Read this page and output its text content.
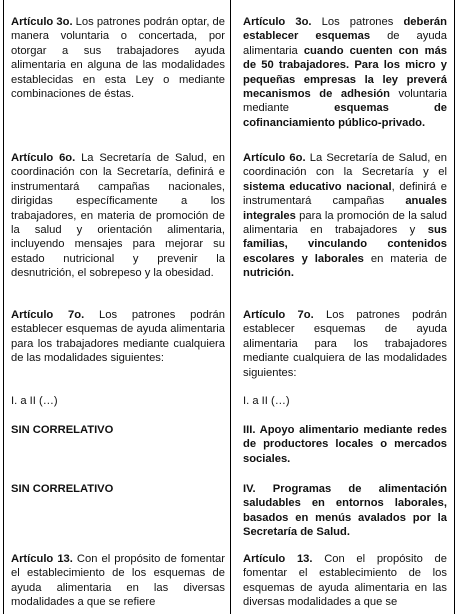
Artículo 3o. Los patrones podrán optar, de manera voluntaria o concertada, por otorgar a sus trabajadores ayuda alimentaria en alguna de las modalidades establecidas en esta Ley o mediante combinaciones de éstas.
Artículo 6o. La Secretaría de Salud, en coordinación con la Secretaría, definirá e instrumentará campañas nacionales, dirigidas específicamente a los trabajadores, en materia de promoción de la salud y orientación alimentaria, incluyendo mensajes para mejorar su estado nutricional y prevenir la desnutrición, el sobrepeso y la obesidad.
Artículo 7o. Los patrones podrán establecer esquemas de ayuda alimentaria para los trabajadores mediante cualquiera de las modalidades siguientes:
I. a II (…)
SIN CORRELATIVO
SIN CORRELATIVO
Artículo 13. Con el propósito de fomentar el establecimiento de los esquemas de ayuda alimentaria en las diversas modalidades a que se refiere
Artículo 3o. Los patrones deberán establecer esquemas de ayuda alimentaria cuando cuenten con más de 50 trabajadores. Para los micro y pequeñas empresas la ley preverá mecanismos de adhesión voluntaria mediante esquemas de cofinanciamiento público-privado.
Artículo 6o. La Secretaría de Salud, en coordinación con la Secretaría y el sistema educativo nacional, definirá e instrumentará campañas anuales integrales para la promoción de la salud alimentaria en trabajadores y sus familias, vinculando contenidos escolares y laborales en materia de nutrición.
Artículo 7o. Los patrones podrán establecer esquemas de ayuda alimentaria para los trabajadores mediante cualquiera de las modalidades siguientes:
I. a II (…)
III. Apoyo alimentario mediante redes de productores locales o mercados sociales.
IV. Programas de alimentación saludables en entornos laborales, basados en menús avalados por la Secretaría de Salud.
Artículo 13. Con el propósito de fomentar el establecimiento de los esquemas de ayuda alimentaria en las diversas modalidades a que se
